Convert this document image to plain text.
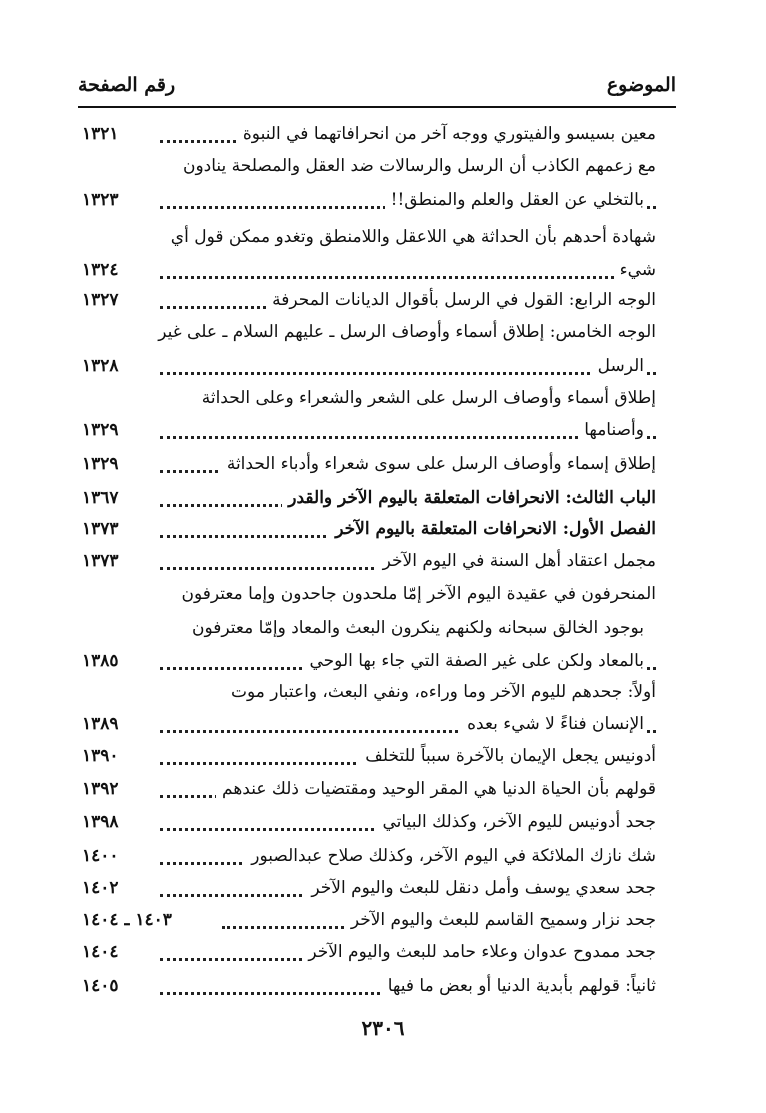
الموضوع
رقم الصفحة
معين بسيسو والفيتوري ووجه آخر من انحرافاتهما في النبوة
١٣٢١
مع زعمهم الكاذب أن الرسل والرسالات ضد العقل والمصلحة ينادون
بالتخلي عن العقل والعلم والمنطق!!
١٣٢٣
شهادة أحدهم بأن الحداثة هي اللاعقل واللامنطق وتغدو ممكن قول أي
شيء
١٣٢٤
الوجه الرابع: القول في الرسل بأقوال الديانات المحرفة
١٣٢٧
الوجه الخامس: إطلاق أسماء وأوصاف الرسل ـ عليهم السلام ـ على غير
الرسل
١٣٢٨
إطلاق أسماء وأوصاف الرسل على الشعر والشعراء وعلى الحداثة
وأصنامها
١٣٢٩
إطلاق إسماء وأوصاف الرسل على سوى شعراء وأدباء الحداثة
١٣٢٩
الباب الثالث: الانحرافات المتعلقة باليوم الآخر والقدر
١٣٦٧
الفصل الأول: الانحرافات المتعلقة باليوم الآخر
١٣٧٣
مجمل اعتقاد أهل السنة في اليوم الآخر
١٣٧٣
المنحرفون في عقيدة اليوم الآخر إمّا ملحدون جاحدون وإما معترفون
بوجود الخالق سبحانه ولكنهم ينكرون البعث والمعاد وإمّا معترفون
بالمعاد ولكن على غير الصفة التي جاء بها الوحي
١٣٨٥
أولاً: جحدهم لليوم الآخر وما وراءه، ونفي البعث، واعتبار موت
الإنسان فناءً لا شيء بعده
١٣٨٩
أدونيس يجعل الإيمان بالآخرة سبباً للتخلف
١٣٩٠
قولهم بأن الحياة الدنيا هي المقر الوحيد ومقتضيات ذلك عندهم
١٣٩٢
جحد أدونيس لليوم الآخر، وكذلك البياتي
١٣٩٨
شك نازك الملائكة في اليوم الآخر، وكذلك صلاح عبدالصبور
١٤٠٠
جحد سعدي يوسف وأمل دنقل للبعث واليوم الآخر
١٤٠٢
جحد نزار وسميح القاسم للبعث واليوم الآخر
١٤٠٣ ـ ١٤٠٤
جحد ممدوح عدوان وعلاء حامد للبعث واليوم الآخر
١٤٠٤
ثانياً: قولهم بأبدية الدنيا أو بعض ما فيها
١٤٠٥
٢٣٠٦
